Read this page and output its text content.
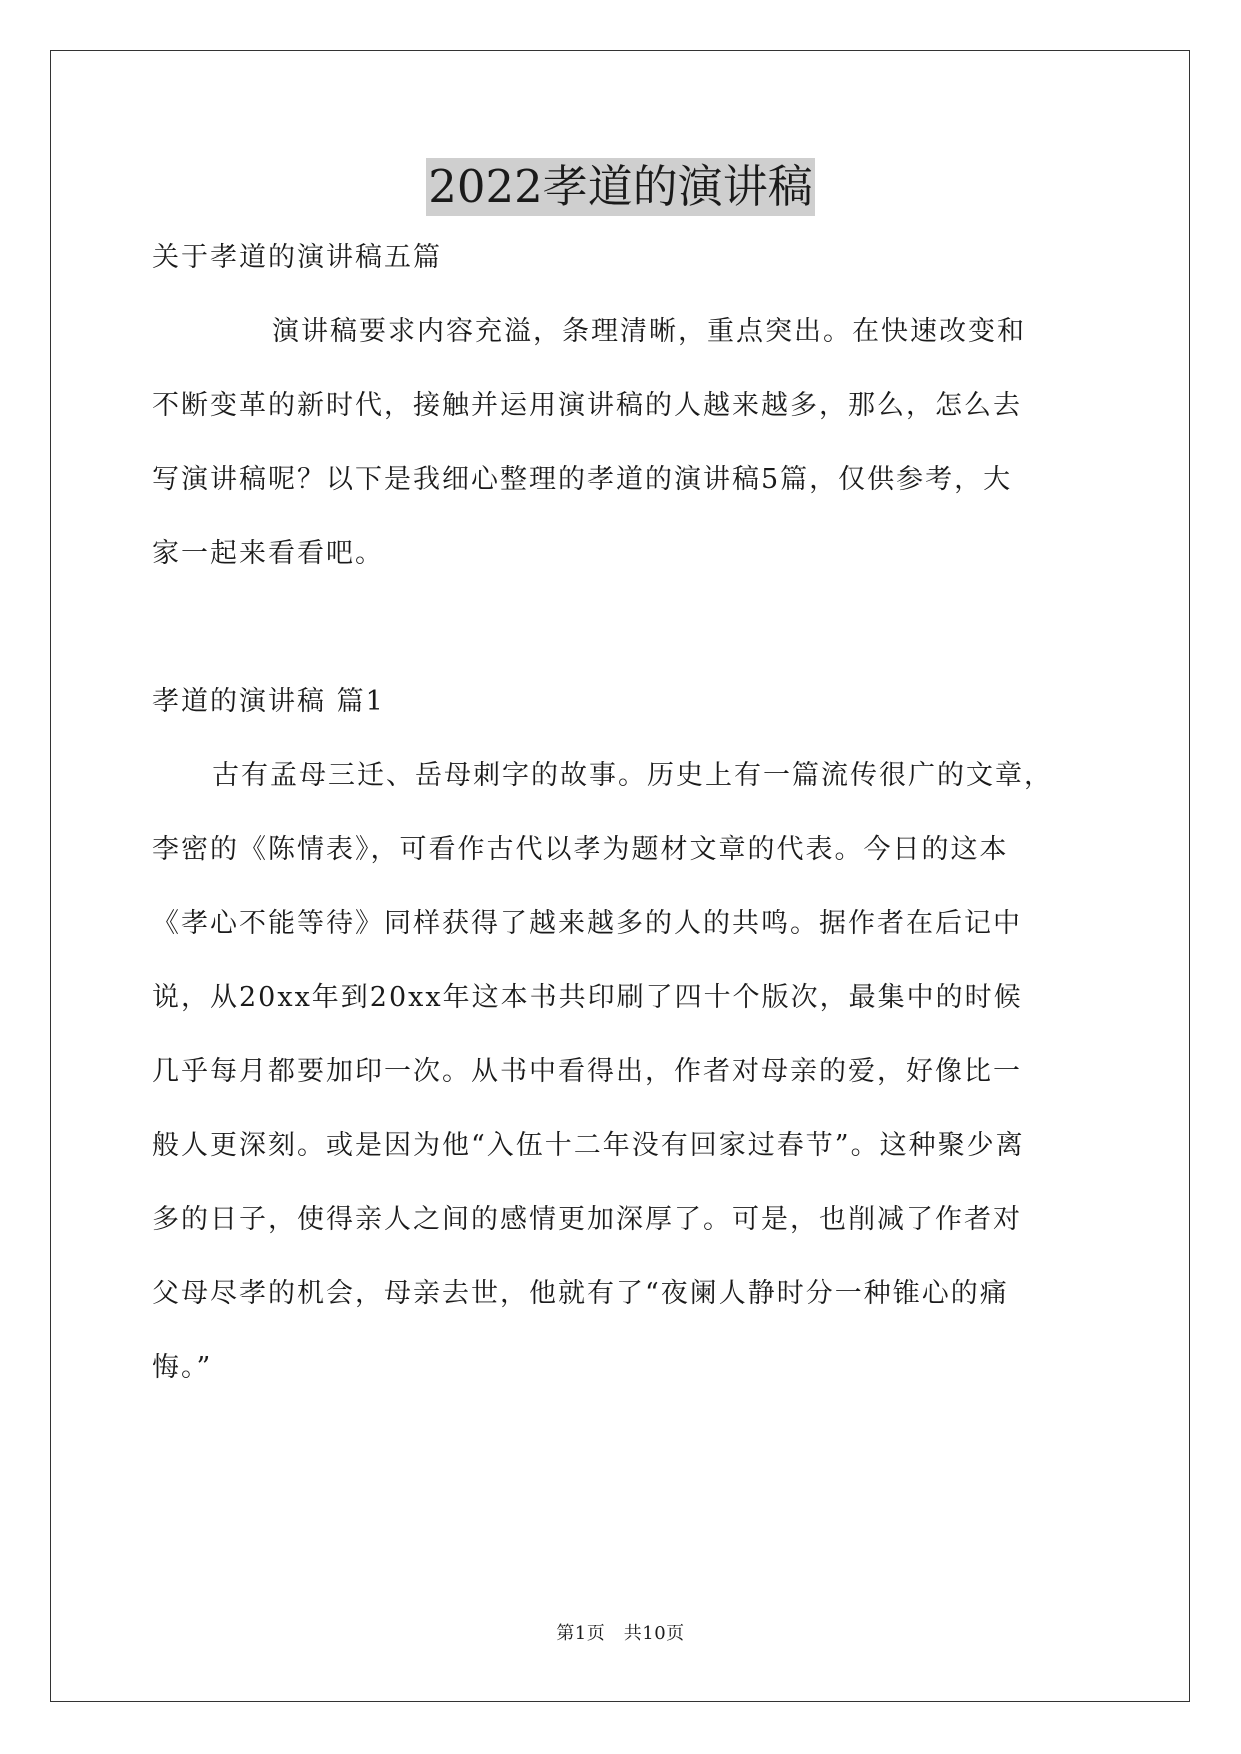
2022孝道的演讲稿
关于孝道的演讲稿五篇
演讲稿要求内容充溢，条理清晰，重点突出。在快速改变和
不断变革的新时代，接触并运用演讲稿的人越来越多，那么，怎么去
写演讲稿呢？以下是我细心整理的孝道的演讲稿5篇，仅供参考，大
家一起来看看吧。
孝道的演讲稿 篇1
古有孟母三迁、岳母刺字的故事。历史上有一篇流传很广的文章，
李密的《陈情表》，可看作古代以孝为题材文章的代表。今日的这本
《孝心不能等待》同样获得了越来越多的人的共鸣。据作者在后记中
说，从20xx年到20xx年这本书共印刷了四十个版次，最集中的时候
几乎每月都要加印一次。从书中看得出，作者对母亲的爱，好像比一
般人更深刻。或是因为他“入伍十二年没有回家过春节”。这种聚少离
多的日子，使得亲人之间的感情更加深厚了。可是，也削减了作者对
父母尽孝的机会，母亲去世，他就有了“夜阑人静时分一种锥心的痛
悔。”
第1页　共10页
